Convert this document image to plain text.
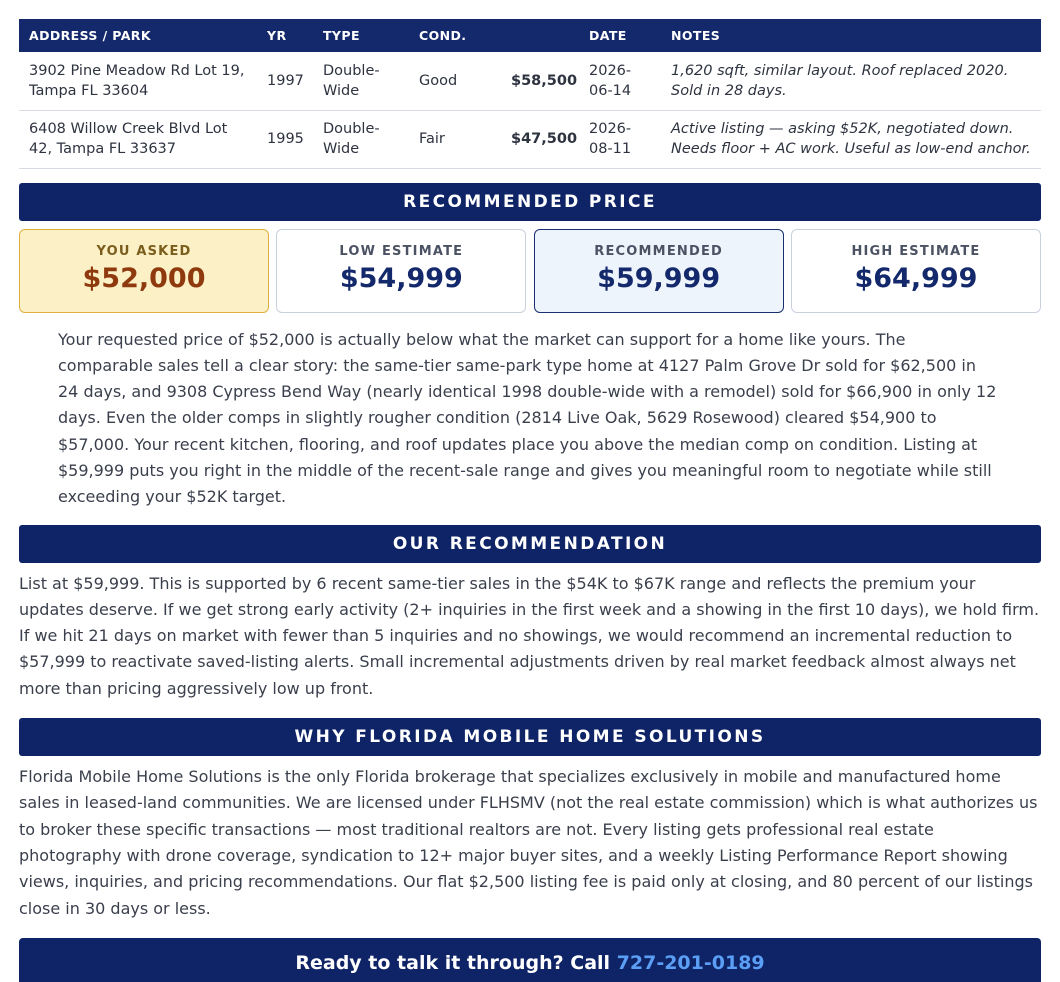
ADDRESS / PARK	YR	TYPE	COND.		DATE	NOTES
3902 Pine Meadow Rd Lot 19, Tampa FL 33604	1997	Double-Wide	Good	$58,500	2026-06-14	1,620 sqft, similar layout. Roof replaced 2020. Sold in 28 days.
6408 Willow Creek Blvd Lot 42, Tampa FL 33637	1995	Double-Wide	Fair	$47,500	2026-08-11	Active listing — asking $52K, negotiated down. Needs floor + AC work. Useful as low-end anchor.
RECOMMENDED PRICE
YOU ASKED
$52,000
LOW ESTIMATE
$54,999
RECOMMENDED
$59,999
HIGH ESTIMATE
$64,999

Your requested price of $52,000 is actually below what the market can support for a home like yours. The comparable sales tell a clear story: the same-tier same-park type home at 4127 Palm Grove Dr sold for $62,500 in 24 days, and 9308 Cypress Bend Way (nearly identical 1998 double-wide with a remodel) sold for $66,900 in only 12 days. Even the older comps in slightly rougher condition (2814 Live Oak, 5629 Rosewood) cleared $54,900 to $57,000. Your recent kitchen, flooring, and roof updates place you above the median comp on condition. Listing at $59,999 puts you right in the middle of the recent-sale range and gives you meaningful room to negotiate while still exceeding your $52K target.

OUR RECOMMENDATION

List at $59,999. This is supported by 6 recent same-tier sales in the $54K to $67K range and reflects the premium your updates deserve. If we get strong early activity (2+ inquiries in the first week and a showing in the first 10 days), we hold firm. If we hit 21 days on market with fewer than 5 inquiries and no showings, we would recommend an incremental reduction to $57,999 to reactivate saved-listing alerts. Small incremental adjustments driven by real market feedback almost always net more than pricing aggressively low up front.

WHY FLORIDA MOBILE HOME SOLUTIONS

Florida Mobile Home Solutions is the only Florida brokerage that specializes exclusively in mobile and manufactured home sales in leased-land communities. We are licensed under FLHSMV (not the real estate commission) which is what authorizes us to broker these specific transactions — most traditional realtors are not. Every listing gets professional real estate photography with drone coverage, syndication to 12+ major buyer sites, and a weekly Listing Performance Report showing views, inquiries, and pricing recommendations. Our flat $2,500 listing fee is paid only at closing, and 80 percent of our listings close in 30 days or less.

Ready to talk it through? Call 727-201-0189
